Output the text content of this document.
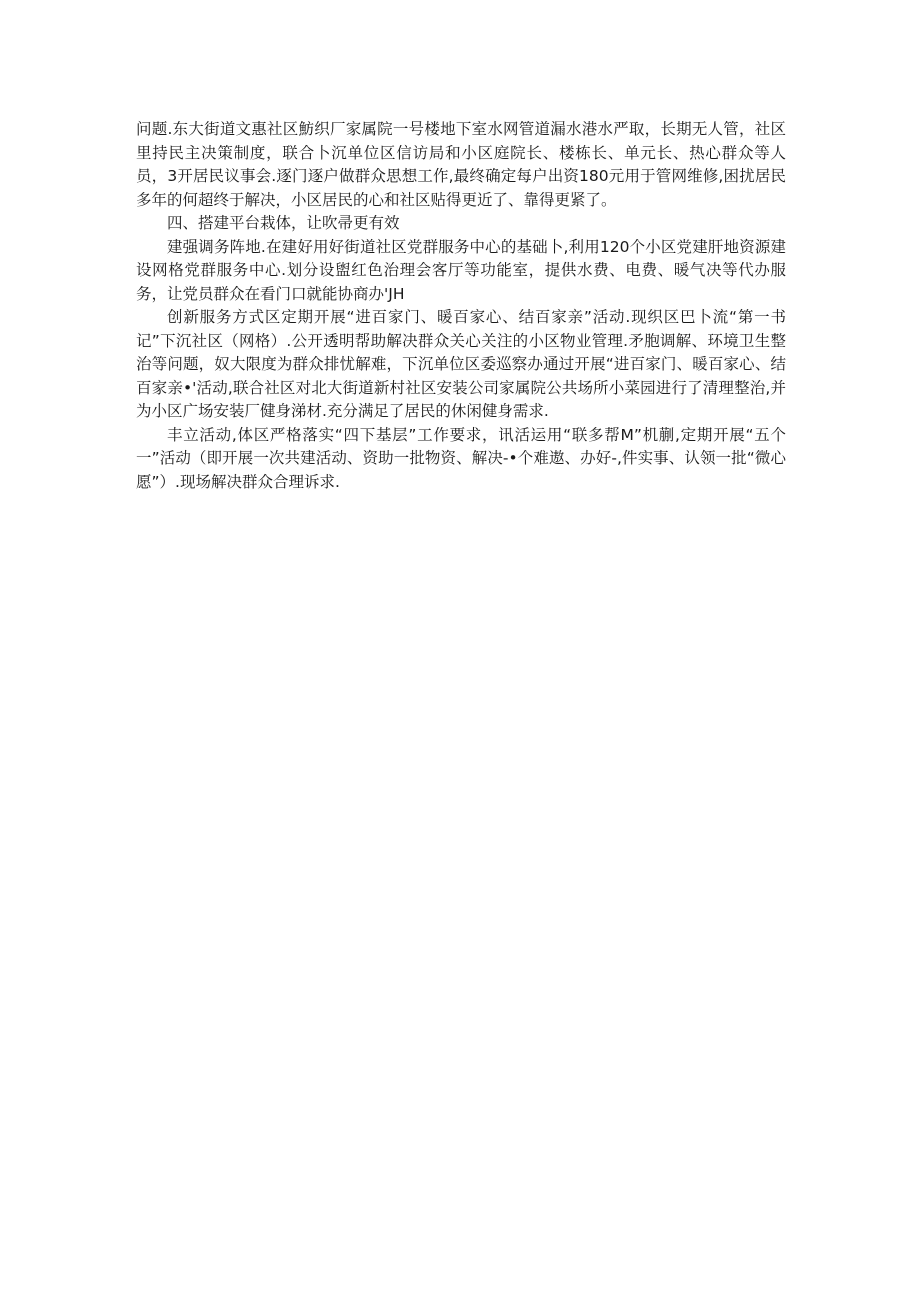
问题.东大街道文惠社区魴织厂家属院一号楼地下室水网管道漏水港水严取，长期无人管，社区里持民主决策制度，联合卜沉单位区信访局和小区庭院长、楼栋长、单元长、热心群众等人员，3开居民议事会.逐门逐户做群众思想工作,最终确定每户出资180元用于管网维修,困扰居民多年的何超终于解决，小区居民的心和社区贴得更近了、靠得更紧了。

四、搭建平台栽体，让吹帚更有效

建强调务阵地.在建好用好街道社区党群服务中心的基础卜,利用120个小区党建肝地资源建设网格党群服务中心.划分设盥红色治理会客厅等功能室，提供水费、电费、暖气决等代办服务，让党员群众在看门口就能协商办'JH

创新服务方式区定期开展“进百家门、暖百家心、结百家亲”活动.现织区巴卜流“第一书记”下沉社区（网格）.公开透明帮助解决群众关心关注的小区物业管理.矛胞调解、环境卫生整治等问题，奴大限度为群众排忧解难，下沉单位区委巡察办通过开展“进百家门、暖百家心、结百家亲•'活动,联合社区对北大街道新村社区安装公司家属院公共场所小菜园进行了清理整治,并为小区广场安装厂健身涕材.充分满足了居民的休闲健身需求.

丰立活动,体区严格落实“四下基层”工作要求，讯活运用“联多帮M”机蒯,定期开展“五个一”活动（即开展一次共建活动、资助一批物资、解决-•个难遨、办好-,件实事、认领一批“微心愿”）.现场解决群众合理诉求.
